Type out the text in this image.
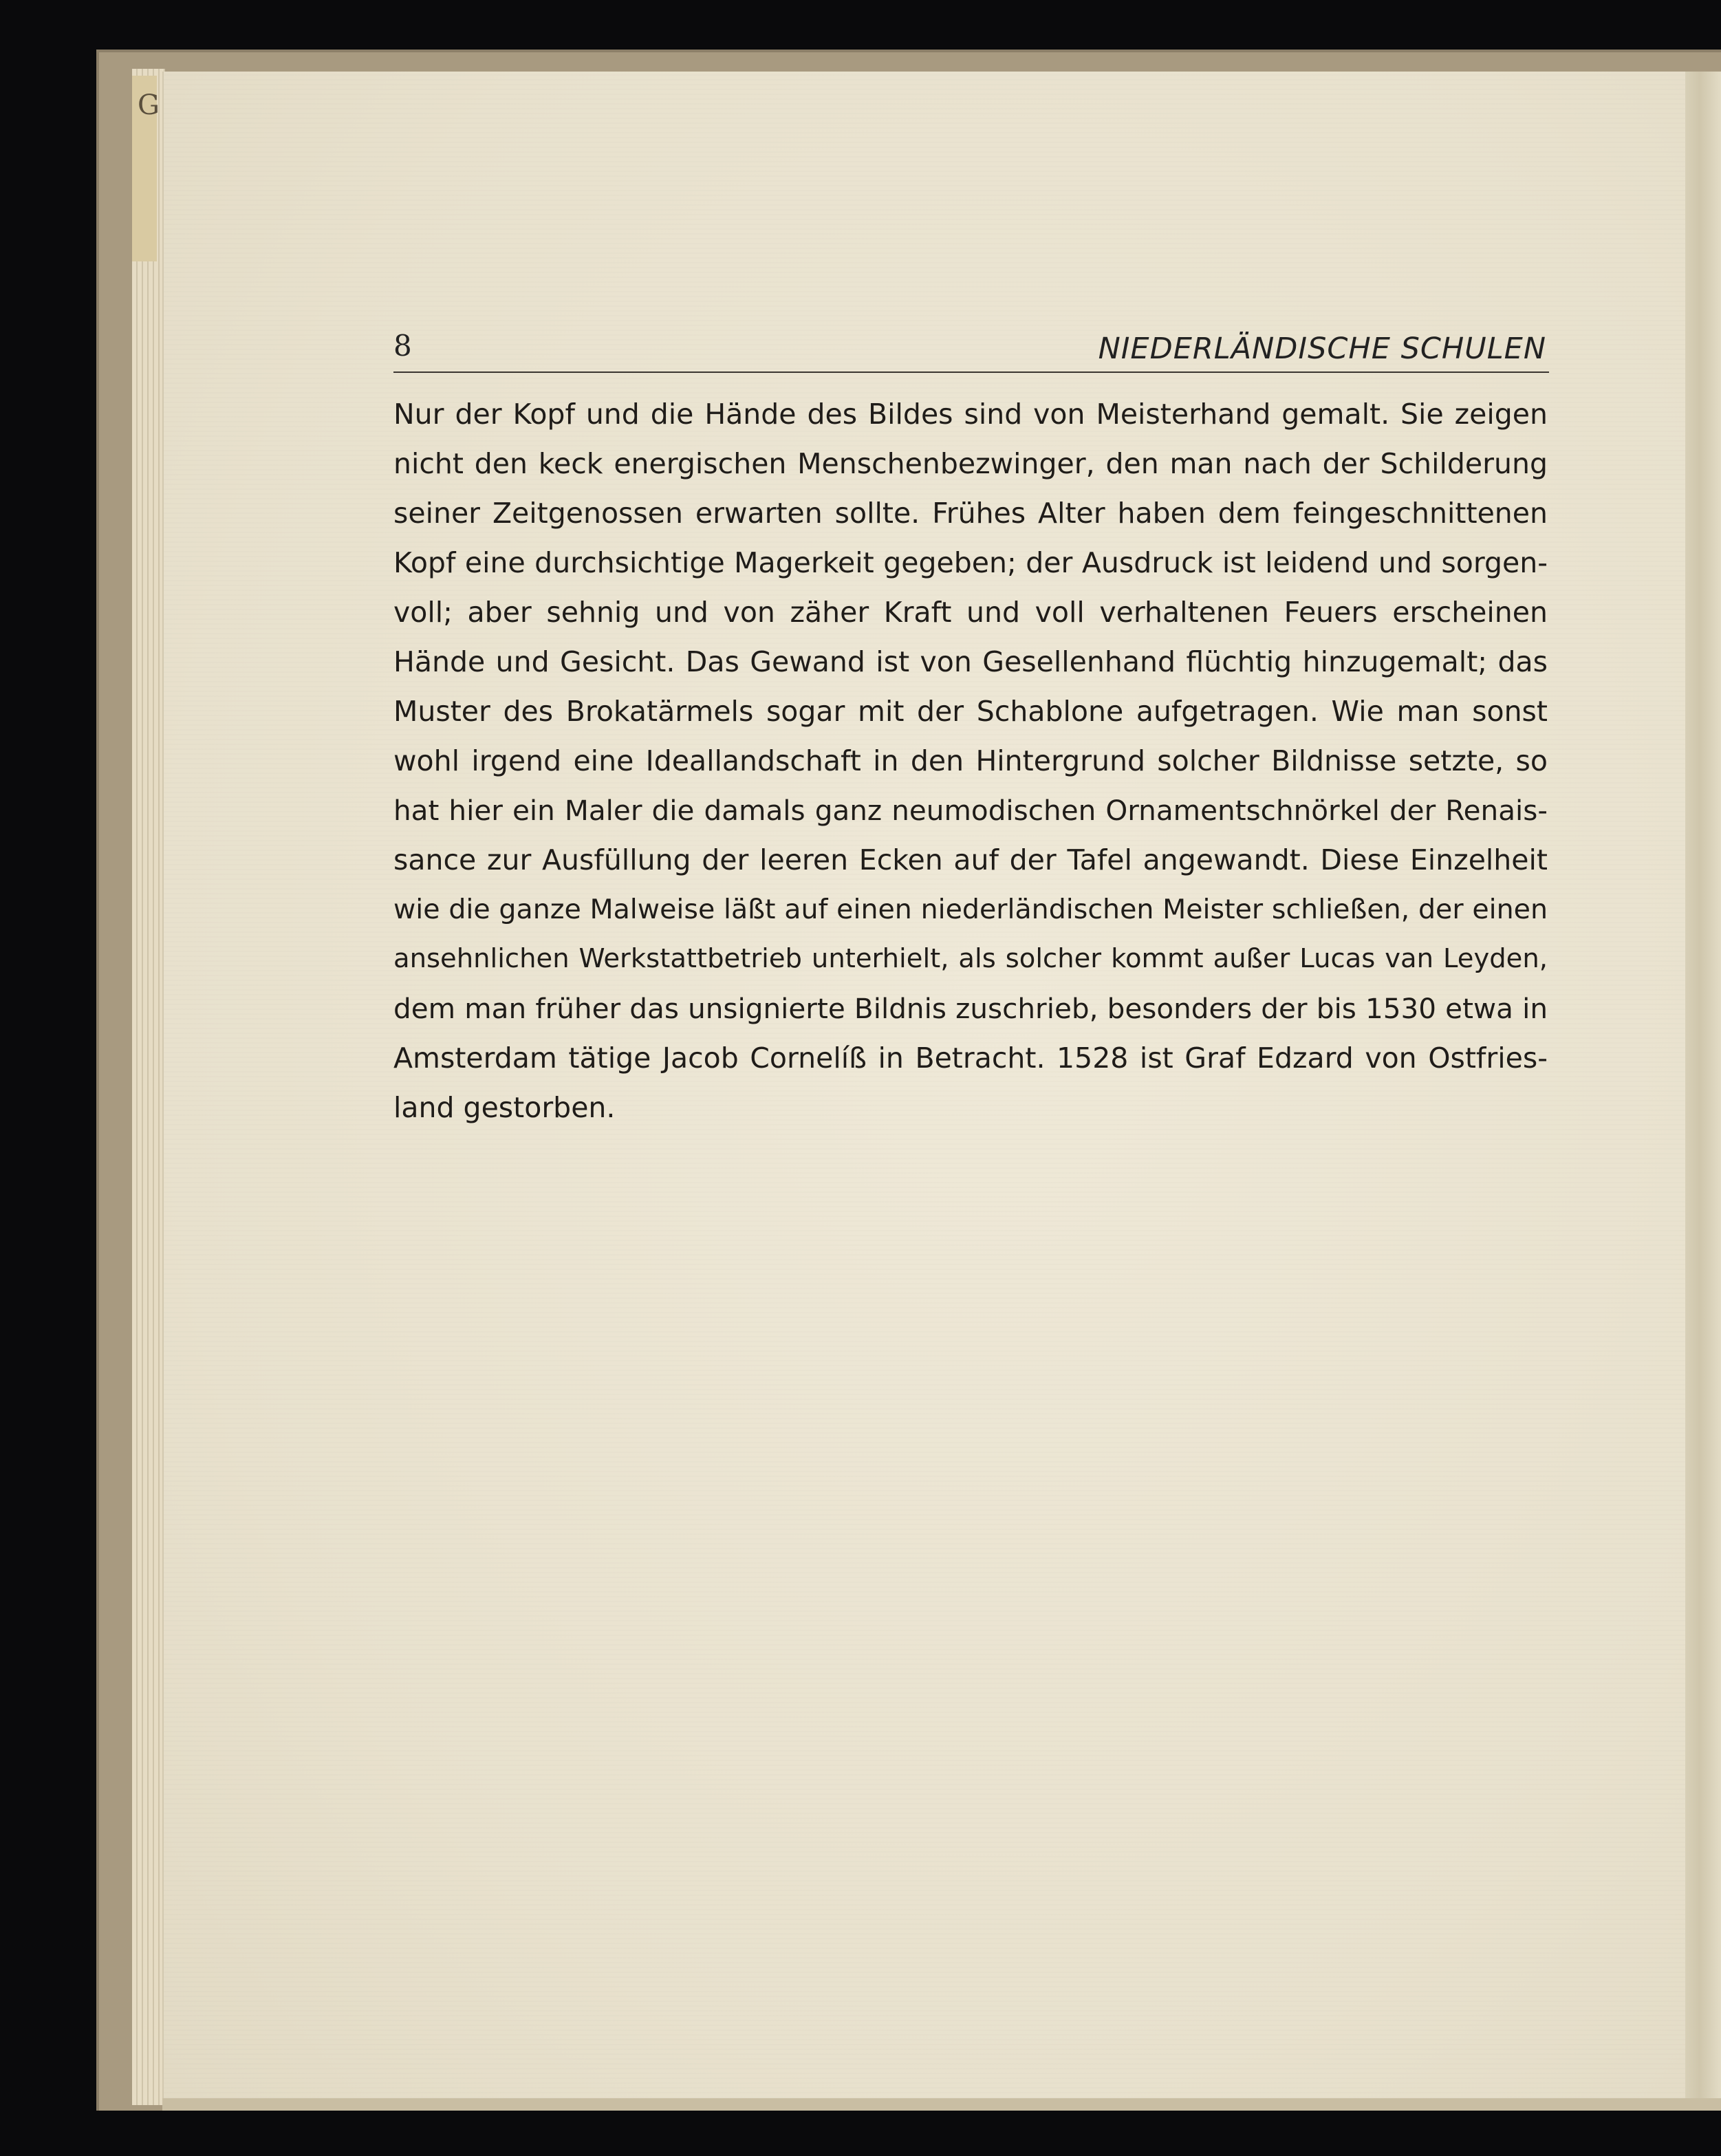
G
8	NIEDERLÄNDISCHE SCHULEN
Nur der Kopf und die Hände des Bildes sind von Meisterhand gemalt. Sie zeigen
nicht den keck energischen Menschenbezwinger, den man nach der Schilderung
seiner Zeitgenossen erwarten sollte. Frühes Alter haben dem feingeschnittenen
Kopf eine durchsichtige Magerkeit gegeben; der Ausdruck ist leidend und sorgen-
voll; aber sehnig und von zäher Kraft und voll verhaltenen Feuers erscheinen
Hände und Gesicht. Das Gewand ist von Gesellenhand flüchtig hinzugemalt; das
Muster des Brokatärmels sogar mit der Schablone aufgetragen. Wie man sonst
wohl irgend eine Ideallandschaft in den Hintergrund solcher Bildnisse setzte, so
hat hier ein Maler die damals ganz neumodischen Ornamentschnörkel der Renais-
sance zur Ausfüllung der leeren Ecken auf der Tafel angewandt. Diese Einzelheit
wie die ganze Malweise läßt auf einen niederländischen Meister schließen, der einen
ansehnlichen Werkstattbetrieb unterhielt, als solcher kommt außer Lucas van Leyden,
dem man früher das unsignierte Bildnis zuschrieb, besonders der bis 1530 etwa in
Amsterdam tätige Jacob Cornelíß in Betracht. 1528 ist Graf Edzard von Ostfries-
land gestorben.
